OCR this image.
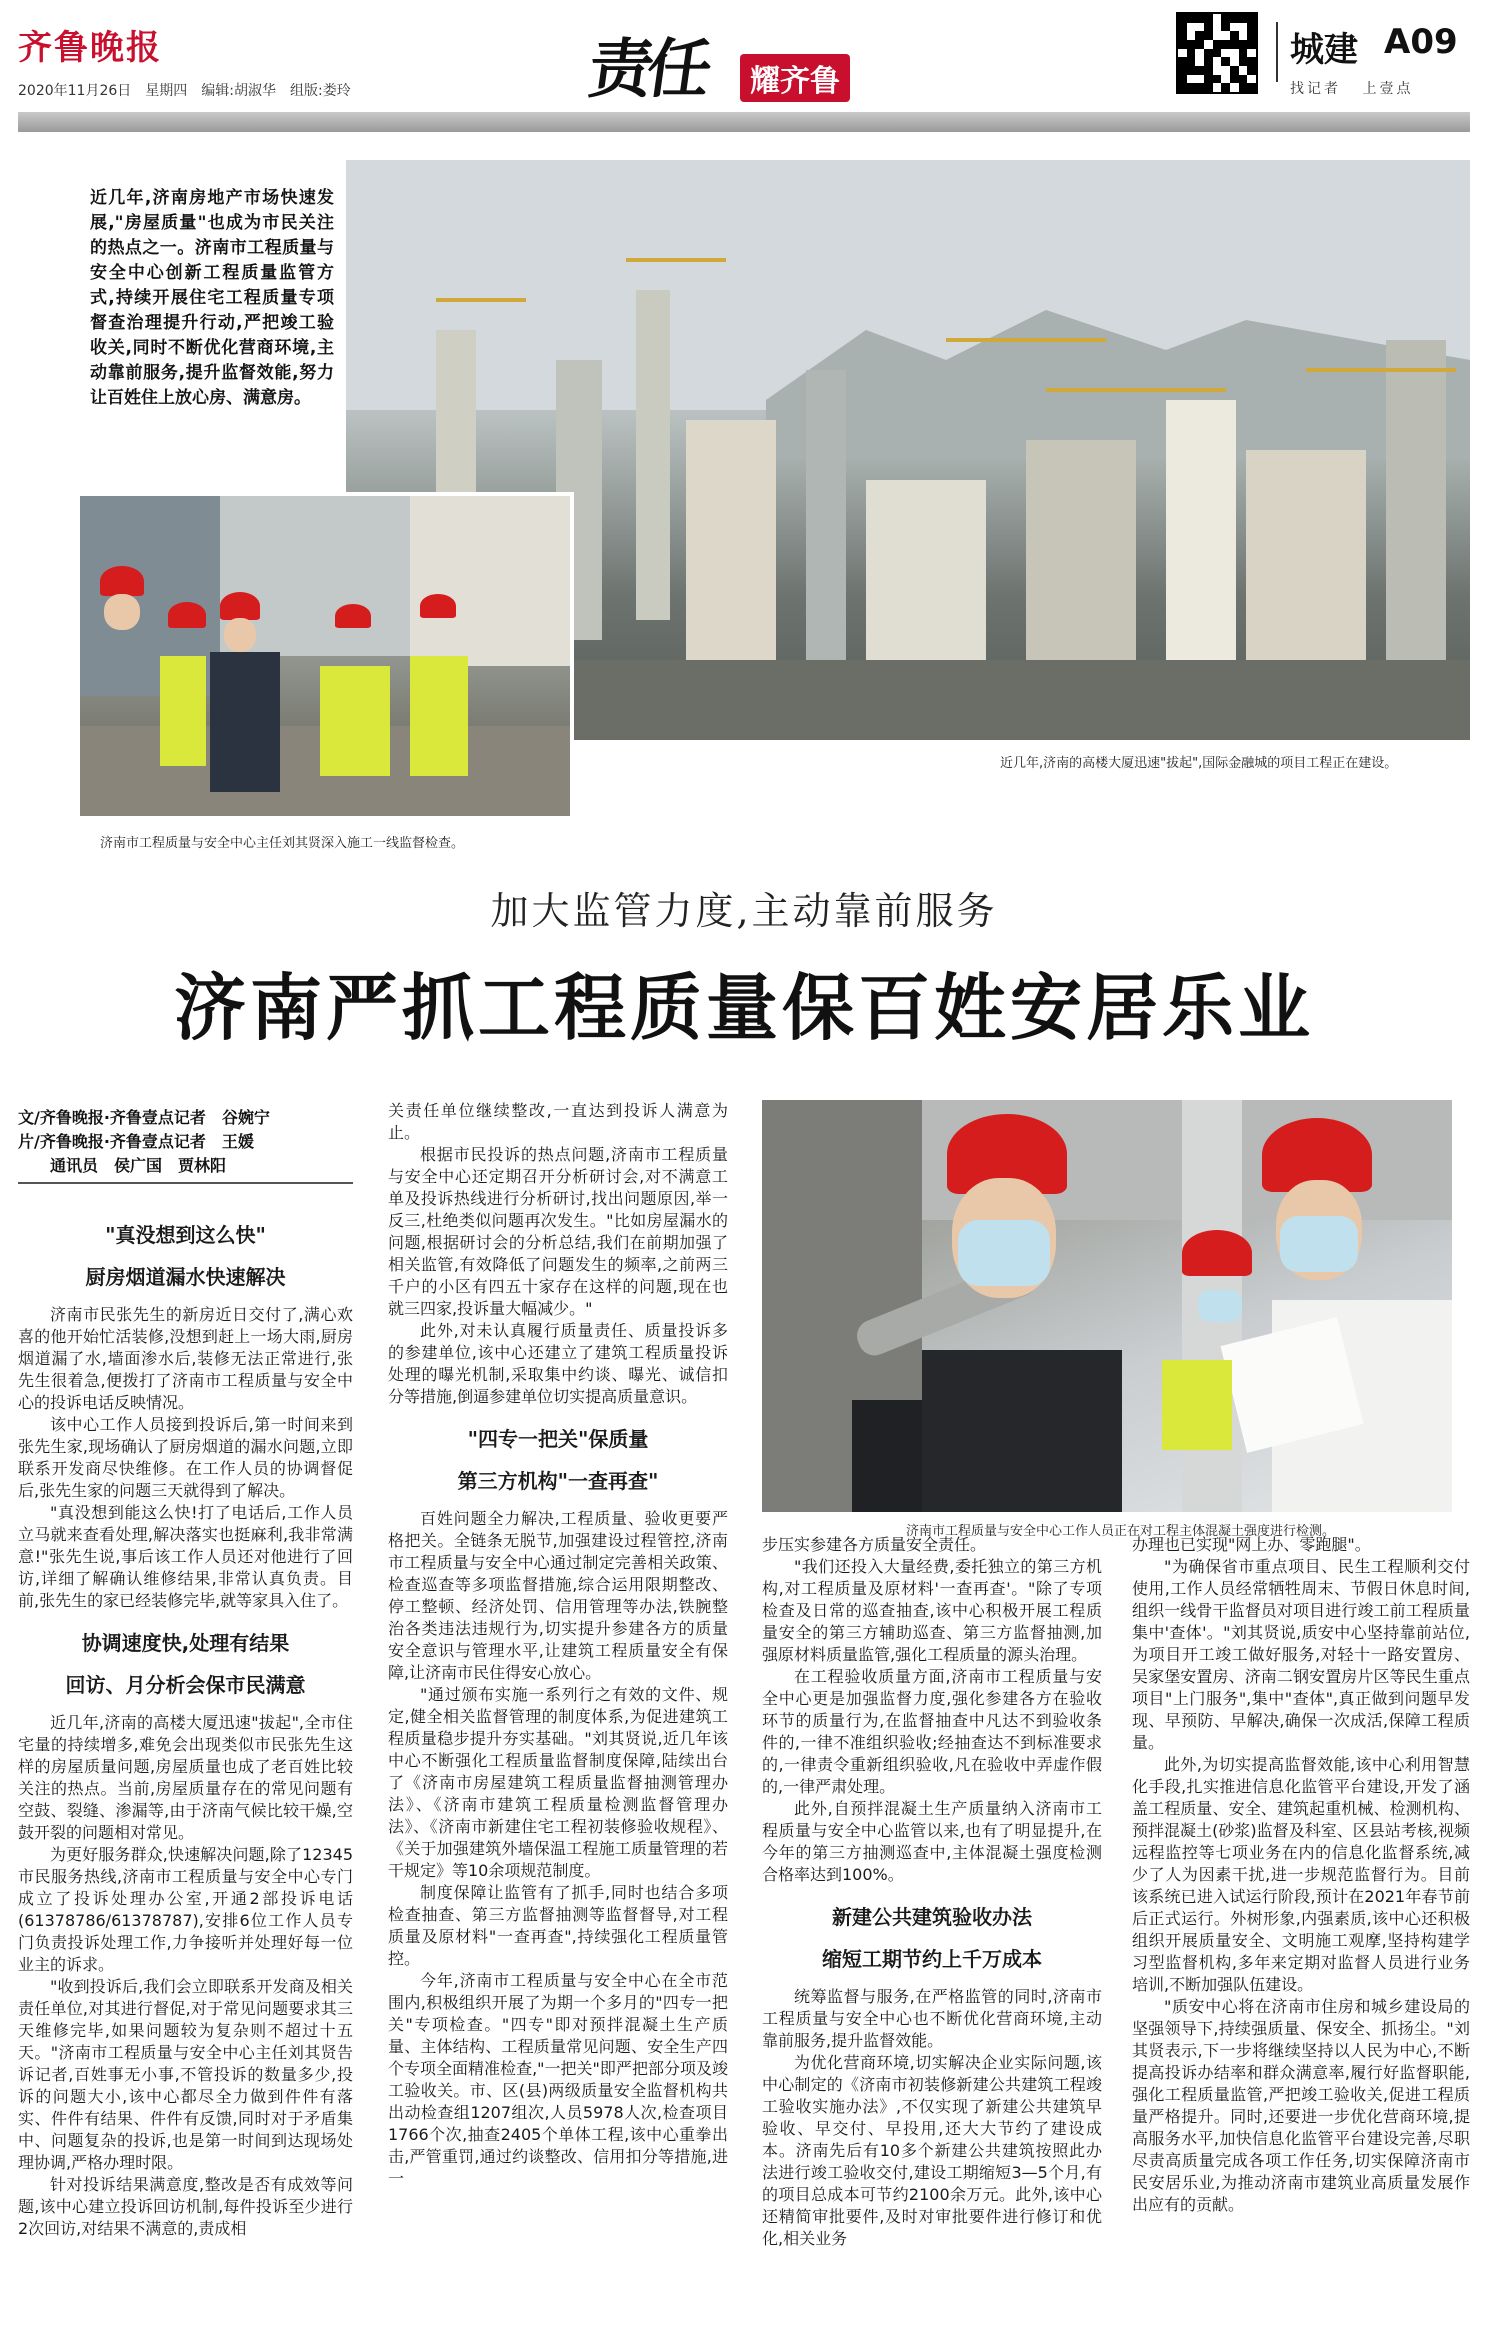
齐鲁晚报
2020年11月26日　星期四　编辑:胡淑华　组版:娄玲	责任	耀齐鲁
城建 A09
找记者 上壹点
近几年,济南房地产市场快速发展,"房屋质量"也成为市民关注的热点之一。济南市工程质量与安全中心创新工程质量监管方式,持续开展住宅工程质量专项督查治理提升行动,严把竣工验收关,同时不断优化营商环境,主动靠前服务,提升监督效能,努力让百姓住上放心房、满意房。
近几年,济南的高楼大厦迅速"拔起",国际金融城的项目工程正在建设。
济南市工程质量与安全中心主任刘其贤深入施工一线监督检查。
加大监管力度,主动靠前服务
济南严抓工程质量保百姓安居乐业
文/齐鲁晚报·齐鲁壹点记者　谷婉宁
片/齐鲁晚报·齐鲁壹点记者　王媛
　　通讯员　侯广国　贾林阳
"真没想到这么快"
厨房烟道漏水快速解决

济南市民张先生的新房近日交付了,满心欢喜的他开始忙活装修,没想到赶上一场大雨,厨房烟道漏了水,墙面渗水后,装修无法正常进行,张先生很着急,便拨打了济南市工程质量与安全中心的投诉电话反映情况。

该中心工作人员接到投诉后,第一时间来到张先生家,现场确认了厨房烟道的漏水问题,立即联系开发商尽快维修。在工作人员的协调督促后,张先生家的问题三天就得到了解决。

"真没想到能这么快!打了电话后,工作人员立马就来查看处理,解决落实也挺麻利,我非常满意!"张先生说,事后该工作人员还对他进行了回访,详细了解确认维修结果,非常认真负责。目前,张先生的家已经装修完毕,就等家具入住了。

协调速度快,处理有结果
回访、月分析会保市民满意

近几年,济南的高楼大厦迅速"拔起",全市住宅量的持续增多,难免会出现类似市民张先生这样的房屋质量问题,房屋质量也成了老百姓比较关注的热点。当前,房屋质量存在的常见问题有空鼓、裂缝、渗漏等,由于济南气候比较干燥,空鼓开裂的问题相对常见。

为更好服务群众,快速解决问题,除了12345市民服务热线,济南市工程质量与安全中心专门成立了投诉处理办公室,开通2部投诉电话(61378786/61378787),安排6位工作人员专门负责投诉处理工作,力争接听并处理好每一位业主的诉求。

"收到投诉后,我们会立即联系开发商及相关责任单位,对其进行督促,对于常见问题要求其三天维修完毕,如果问题较为复杂则不超过十五天。"济南市工程质量与安全中心主任刘其贤告诉记者,百姓事无小事,不管投诉的数量多少,投诉的问题大小,该中心都尽全力做到件件有落实、件件有结果、件件有反馈,同时对于矛盾集中、问题复杂的投诉,也是第一时间到达现场处理协调,严格办理时限。

针对投诉结果满意度,整改是否有成效等问题,该中心建立投诉回访机制,每件投诉至少进行2次回访,对结果不满意的,责成相

关责任单位继续整改,一直达到投诉人满意为止。

根据市民投诉的热点问题,济南市工程质量与安全中心还定期召开分析研讨会,对不满意工单及投诉热线进行分析研讨,找出问题原因,举一反三,杜绝类似问题再次发生。"比如房屋漏水的问题,根据研讨会的分析总结,我们在前期加强了相关监管,有效降低了问题发生的频率,之前两三千户的小区有四五十家存在这样的问题,现在也就三四家,投诉量大幅减少。"

此外,对未认真履行质量责任、质量投诉多的参建单位,该中心还建立了建筑工程质量投诉处理的曝光机制,采取集中约谈、曝光、诚信扣分等措施,倒逼参建单位切实提高质量意识。

"四专一把关"保质量
第三方机构"一查再查"

百姓问题全力解决,工程质量、验收更要严格把关。全链条无脱节,加强建设过程管控,济南市工程质量与安全中心通过制定完善相关政策、检查巡查等多项监督措施,综合运用限期整改、停工整顿、经济处罚、信用管理等办法,铁腕整治各类违法违规行为,切实提升参建各方的质量安全意识与管理水平,让建筑工程质量安全有保障,让济南市民住得安心放心。

"通过颁布实施一系列行之有效的文件、规定,健全相关监督管理的制度体系,为促进建筑工程质量稳步提升夯实基础。"刘其贤说,近几年该中心不断强化工程质量监督制度保障,陆续出台了《济南市房屋建筑工程质量监督抽测管理办法》、《济南市建筑工程质量检测监督管理办法》、《济南市新建住宅工程初装修验收规程》、《关于加强建筑外墙保温工程施工质量管理的若干规定》等10余项规范制度。

制度保障让监管有了抓手,同时也结合多项检查抽查、第三方监督抽测等监督督导,对工程质量及原材料"一查再查",持续强化工程质量管控。

今年,济南市工程质量与安全中心在全市范围内,积极组织开展了为期一个多月的"四专一把关"专项检查。"四专"即对预拌混凝土生产质量、主体结构、工程质量常见问题、安全生产四个专项全面精准检查,"一把关"即严把部分项及竣工验收关。市、区(县)两级质量安全监督机构共出动检查组1207组次,人员5978人次,检查项目1766个次,抽查2405个单体工程,该中心重拳出击,严管重罚,通过约谈整改、信用扣分等措施,进一

济南市工程质量与安全中心工作人员正在对工程主体混凝土强度进行检测。

步压实参建各方质量安全责任。

"我们还投入大量经费,委托独立的第三方机构,对工程质量及原材料'一查再查'。"除了专项检查及日常的巡查抽查,该中心积极开展工程质量安全的第三方辅助巡查、第三方监督抽测,加强原材料质量监管,强化工程质量的源头治理。

在工程验收质量方面,济南市工程质量与安全中心更是加强监督力度,强化参建各方在验收环节的质量行为,在监督抽查中凡达不到验收条件的,一律不准组织验收;经抽查达不到标准要求的,一律责令重新组织验收,凡在验收中弄虚作假的,一律严肃处理。

此外,自预拌混凝土生产质量纳入济南市工程质量与安全中心监管以来,也有了明显提升,在今年的第三方抽测巡查中,主体混凝土强度检测合格率达到100%。

新建公共建筑验收办法
缩短工期节约上千万成本

统筹监督与服务,在严格监管的同时,济南市工程质量与安全中心也不断优化营商环境,主动靠前服务,提升监督效能。

为优化营商环境,切实解决企业实际问题,该中心制定的《济南市初装修新建公共建筑工程竣工验收实施办法》,不仅实现了新建公共建筑早验收、早交付、早投用,还大大节约了建设成本。济南先后有10多个新建公共建筑按照此办法进行竣工验收交付,建设工期缩短3—5个月,有的项目总成本可节约2100余万元。此外,该中心还精简审批要件,及时对审批要件进行修订和优化,相关业务

办理也已实现"网上办、零跑腿"。

"为确保省市重点项目、民生工程顺利交付使用,工作人员经常牺牲周末、节假日休息时间,组织一线骨干监督员对项目进行竣工前工程质量集中'查体'。"刘其贤说,质安中心坚持靠前站位,为项目开工竣工做好服务,对轻十一路安置房、吴家堡安置房、济南二钢安置房片区等民生重点项目"上门服务",集中"查体",真正做到问题早发现、早预防、早解决,确保一次成活,保障工程质量。

此外,为切实提高监督效能,该中心利用智慧化手段,扎实推进信息化监管平台建设,开发了涵盖工程质量、安全、建筑起重机械、检测机构、预拌混凝土(砂浆)监督及科室、区县站考核,视频远程监控等七项业务在内的信息化监督系统,减少了人为因素干扰,进一步规范监督行为。目前该系统已进入试运行阶段,预计在2021年春节前后正式运行。外树形象,内强素质,该中心还积极组织开展质量安全、文明施工观摩,坚持构建学习型监督机构,多年来定期对监督人员进行业务培训,不断加强队伍建设。

"质安中心将在济南市住房和城乡建设局的坚强领导下,持续强质量、保安全、抓扬尘。"刘其贤表示,下一步将继续坚持以人民为中心,不断提高投诉办结率和群众满意率,履行好监督职能,强化工程质量监管,严把竣工验收关,促进工程质量严格提升。同时,还要进一步优化营商环境,提高服务水平,加快信息化监管平台建设完善,尽职尽责高质量完成各项工作任务,切实保障济南市民安居乐业,为推动济南市建筑业高质量发展作出应有的贡献。
